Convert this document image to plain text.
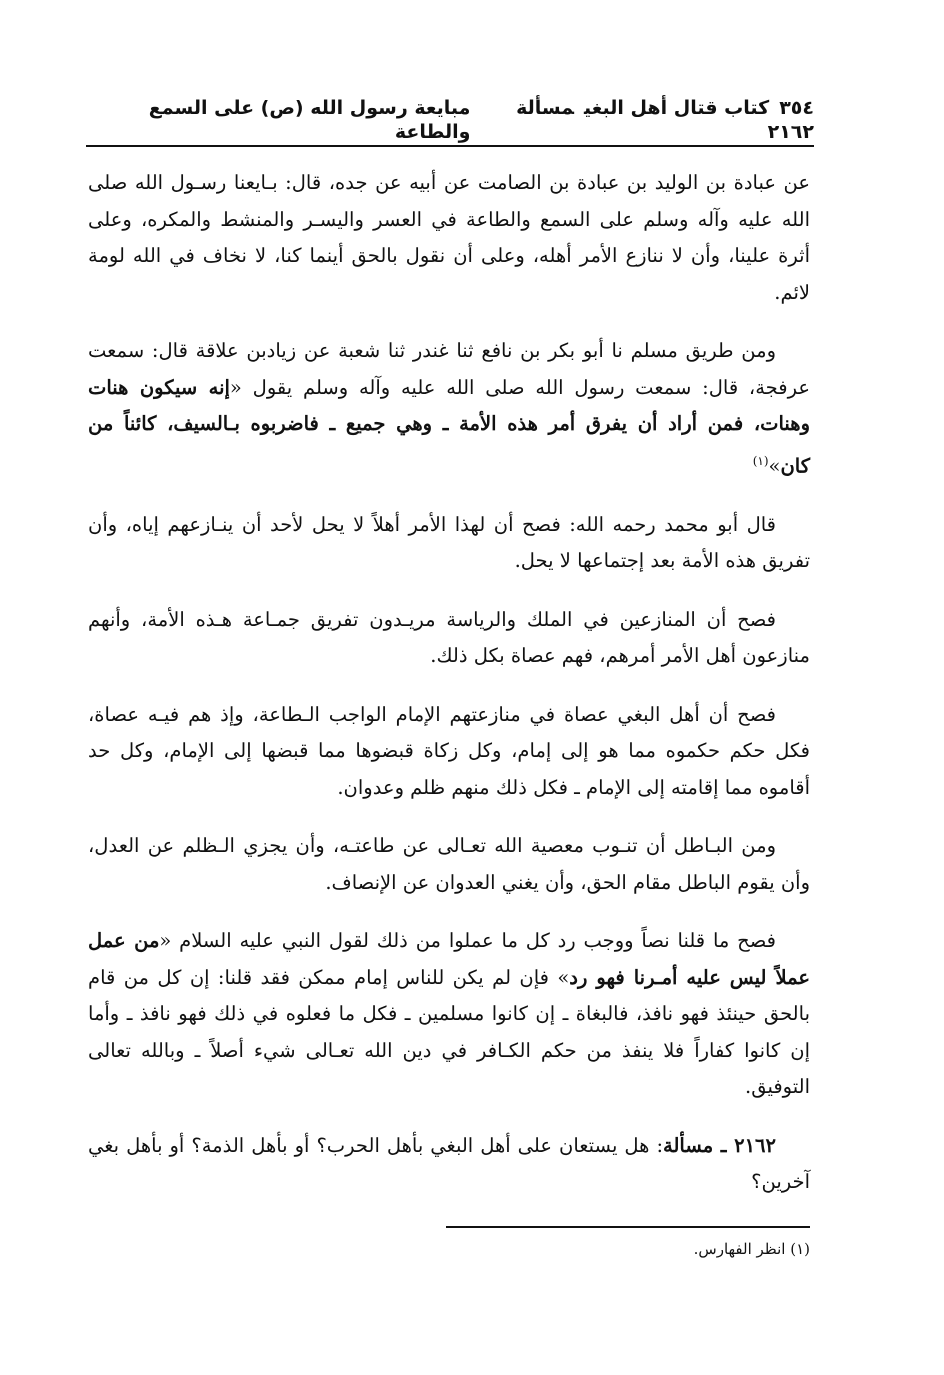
٣٥٤كتاب قتال أهل البغيمسألة ٢١٦٢
مبايعة رسول الله (ص) على السمع والطاعة

عن عبادة بن الوليد بن عبادة بن الصامت عن أبيه عن جده، قال: بـايعنا رسـول الله صلى الله عليه وآله وسلم على السمع والطاعة في العسر واليسـر والمنشط والمكره، وعلى أثرة علينا، وأن لا ننازع الأمر أهله، وعلى أن نقول بالحق أينما كنا، لا نخاف في الله لومة لائم.

ومن طريق مسلم نا أبو بكر بن نافع ثنا غندر ثنا شعبة عن زيادبن علاقة قال: سمعت عرفجة، قال: سمعت رسول الله صلى الله عليه وآله وسلم يقول «إنه سيكون هنات وهنات، فمن أراد أن يفرق أمر هذه الأمة ـ وهي جميع ـ فاضربوه بـالسيف، كائناً من كان»$^{(١)}$

قال أبو محمد رحمه الله: فصح أن لهذا الأمر أهلاً لا يحل لأحد أن ينـازعهم إياه، وأن تفريق هذه الأمة بعد إجتماعها لا يحل.

فصح أن المنازعين في الملك والرياسة مريـدون تفريق جمـاعة هـذه الأمة، وأنهم منازعون أهل الأمر أمرهم، فهم عصاة بكل ذلك.

فصح أن أهل البغي عصاة في منازعتهم الإمام الواجب الـطاعة، وإذ هم فيـه عصاة، فكل حكم حكموه مما هو إلى إمام، وكل زكاة قبضوها مما قبضها إلى الإمام، وكل حد أقاموه مما إقامته إلى الإمام ـ فكل ذلك منهم ظلم وعدوان.

ومن البـاطل أن تنـوب معصية الله تعـالى عن طاعتـه، وأن يجزي الـظلم عن العدل، وأن يقوم الباطل مقام الحق، وأن يغني العدوان عن الإنصاف.

فصح ما قلنا نصاً ووجب رد كل ما عملوا من ذلك لقول النبي عليه السلام «من عمل عملاً ليس عليه أمـرنا فهو رد» فإن لم يكن للناس إمام ممكن فقد قلنا: إن كل من قام بالحق حينئذ فهو نافذ، فالبغاة ـ إن كانوا مسلمين ـ فكل ما فعلوه في ذلك فهو نافذ ـ وأما إن كانوا كفاراً فلا ينفذ من حكم الكـافر في دين الله تعـالى شيء أصلاً ـ وبالله تعالى التوفيق.

٢١٦٢ ـ مسألة: هل يستعان على أهل البغي بأهل الحرب؟ أو بأهل الذمة؟ أو بأهل بغي آخرين؟

(١) انظر الفهارس.
